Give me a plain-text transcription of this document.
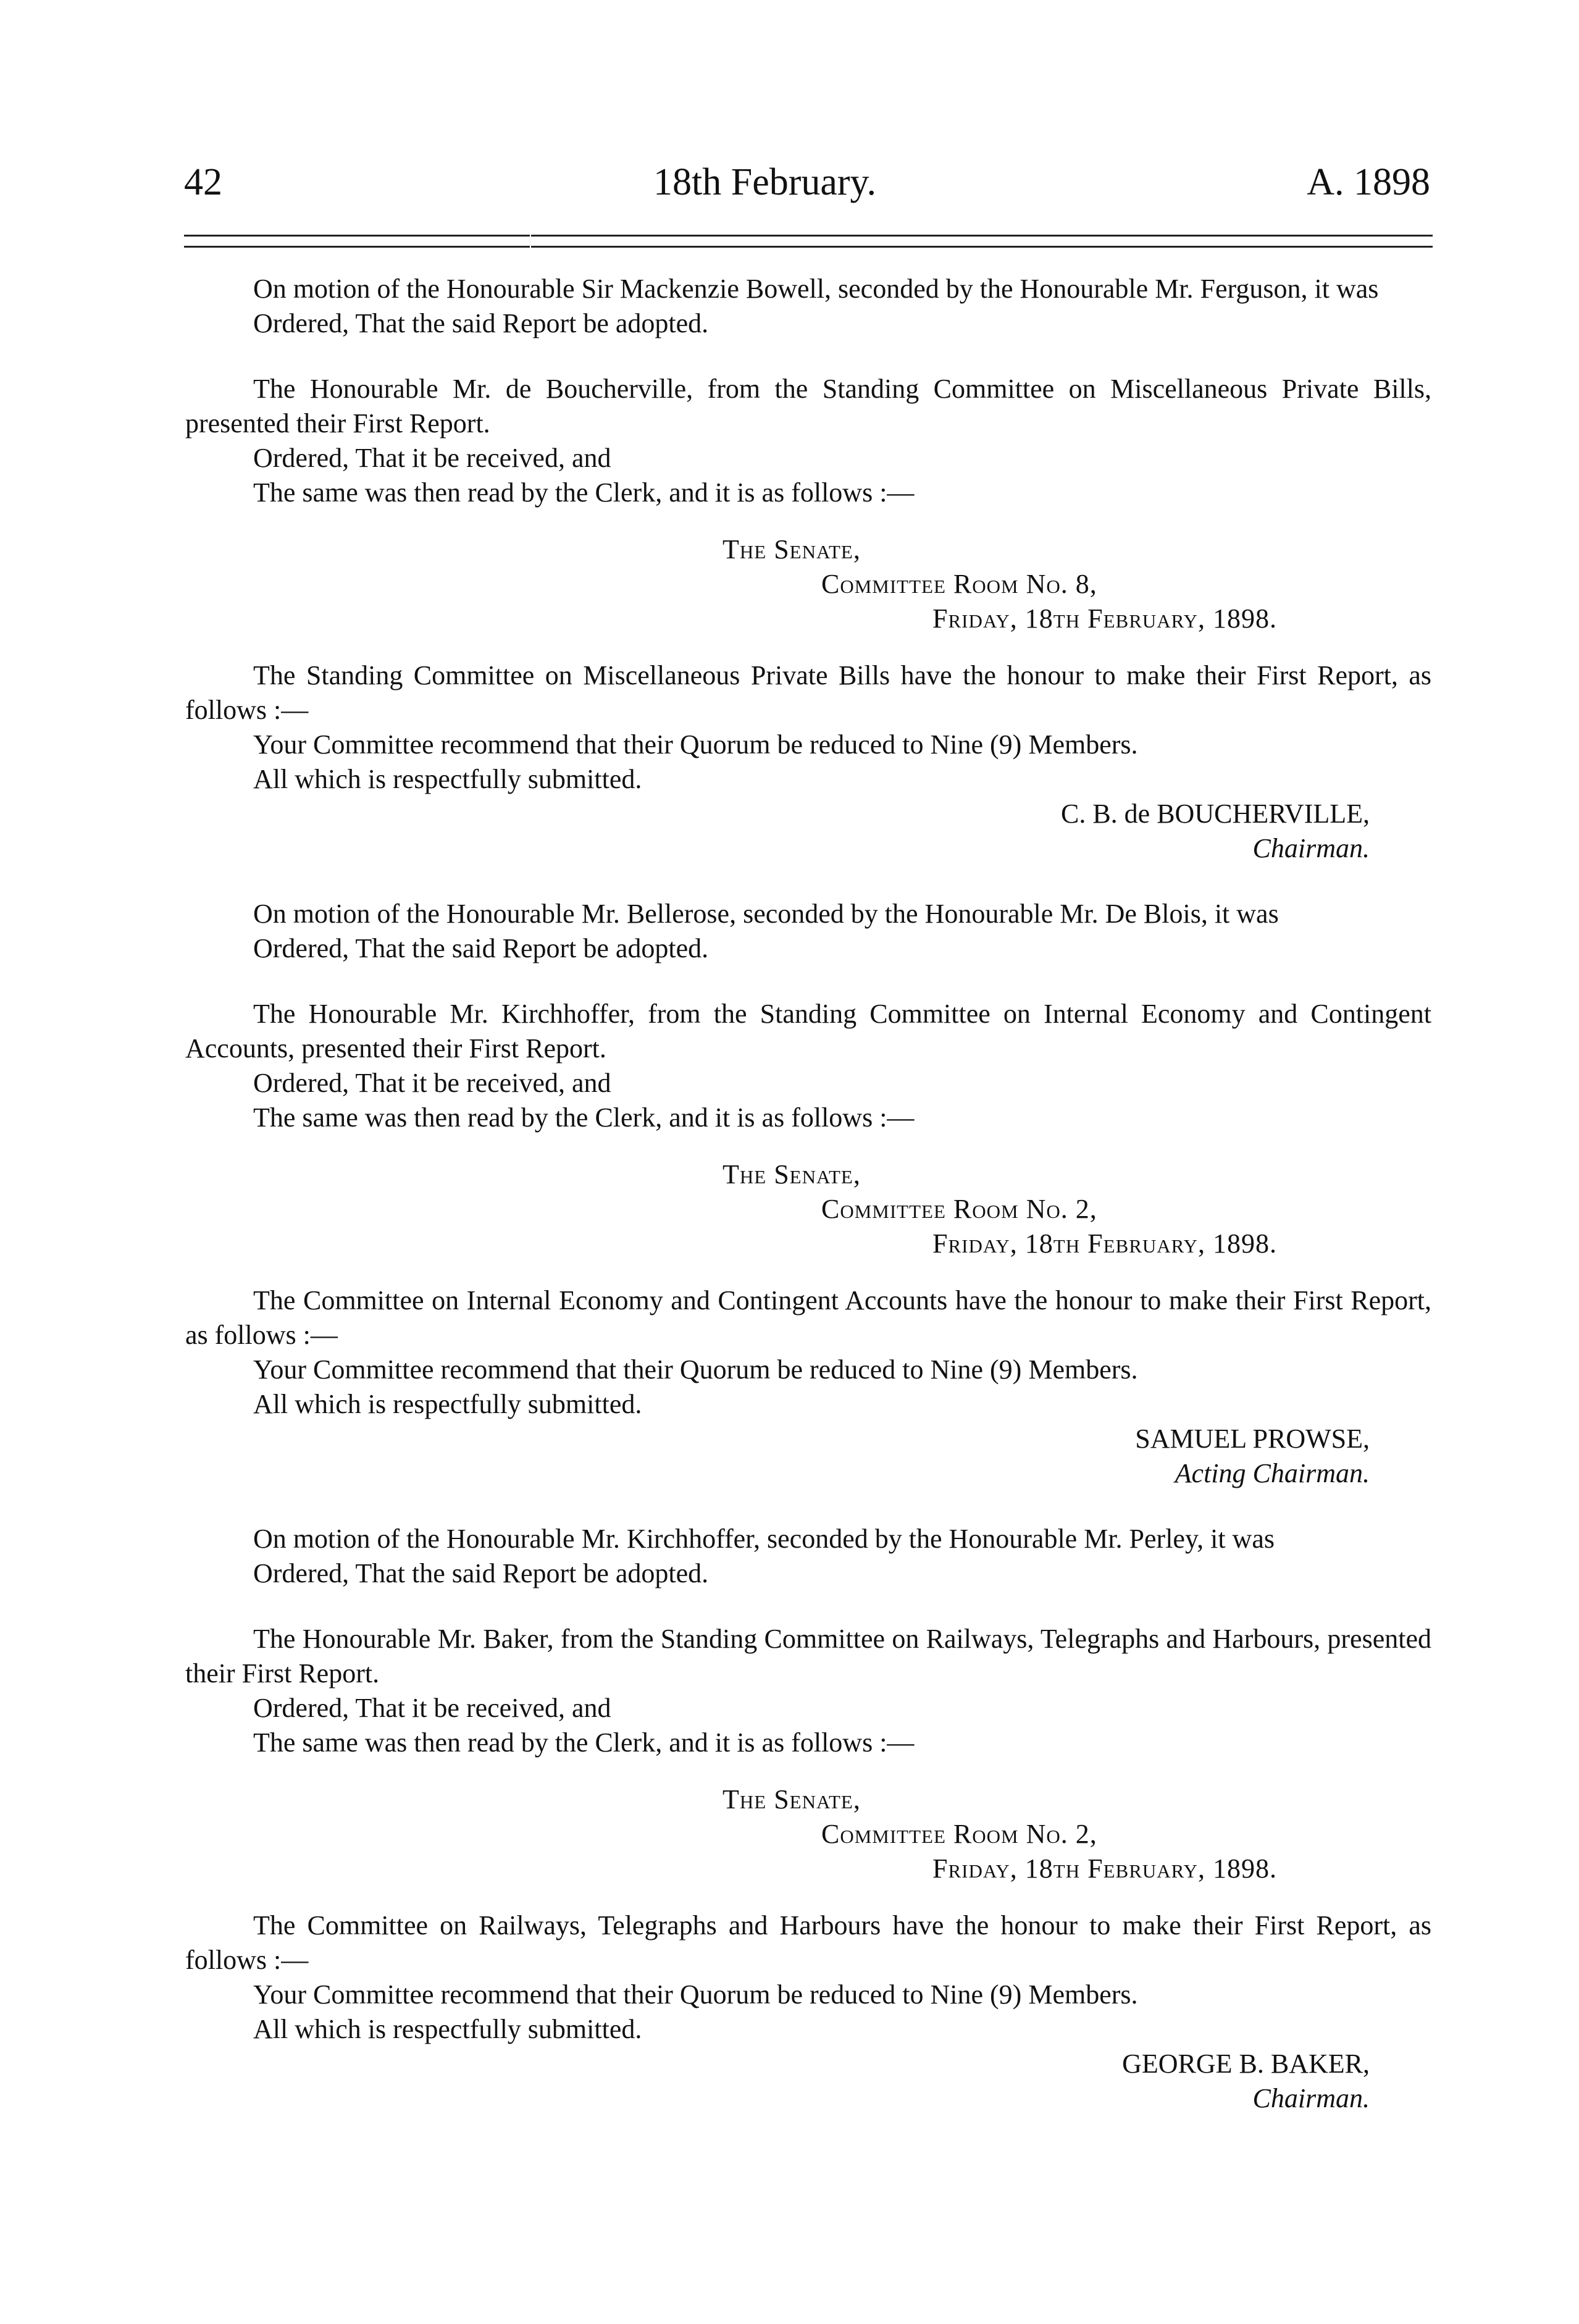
42	18th February.	A. 1898

On motion of the Honourable Sir Mackenzie Bowell, seconded by the Honourable Mr. Ferguson, it was

Ordered, That the said Report be adopted.

The Honourable Mr. de Boucherville, from the Standing Committee on Miscellaneous Private Bills, presented their First Report.

Ordered, That it be received, and

The same was then read by the Clerk, and it is as follows :—

The Senate,

Committee Room No. 8,

Friday, 18th February, 1898.

The Standing Committee on Miscellaneous Private Bills have the honour to make their First Report, as follows :—

Your Committee recommend that their Quorum be reduced to Nine (9) Members.

All which is respectfully submitted.

C. B. de BOUCHERVILLE,

Chairman.

On motion of the Honourable Mr. Bellerose, seconded by the Honourable Mr. De Blois, it was

Ordered, That the said Report be adopted.

The Honourable Mr. Kirchhoffer, from the Standing Committee on Internal Economy and Contingent Accounts, presented their First Report.

Ordered, That it be received, and

The same was then read by the Clerk, and it is as follows :—

The Senate,

Committee Room No. 2,

Friday, 18th February, 1898.

The Committee on Internal Economy and Contingent Accounts have the honour to make their First Report, as follows :—

Your Committee recommend that their Quorum be reduced to Nine (9) Members.

All which is respectfully submitted.

SAMUEL PROWSE,

Acting Chairman.

On motion of the Honourable Mr. Kirchhoffer, seconded by the Honourable Mr. Perley, it was

Ordered, That the said Report be adopted.

The Honourable Mr. Baker, from the Standing Committee on Railways, Telegraphs and Harbours, presented their First Report.

Ordered, That it be received, and

The same was then read by the Clerk, and it is as follows :—

The Senate,

Committee Room No. 2,

Friday, 18th February, 1898.

The Committee on Railways, Telegraphs and Harbours have the honour to make their First Report, as follows :—

Your Committee recommend that their Quorum be reduced to Nine (9) Members.

All which is respectfully submitted.

GEORGE B. BAKER,

Chairman.
